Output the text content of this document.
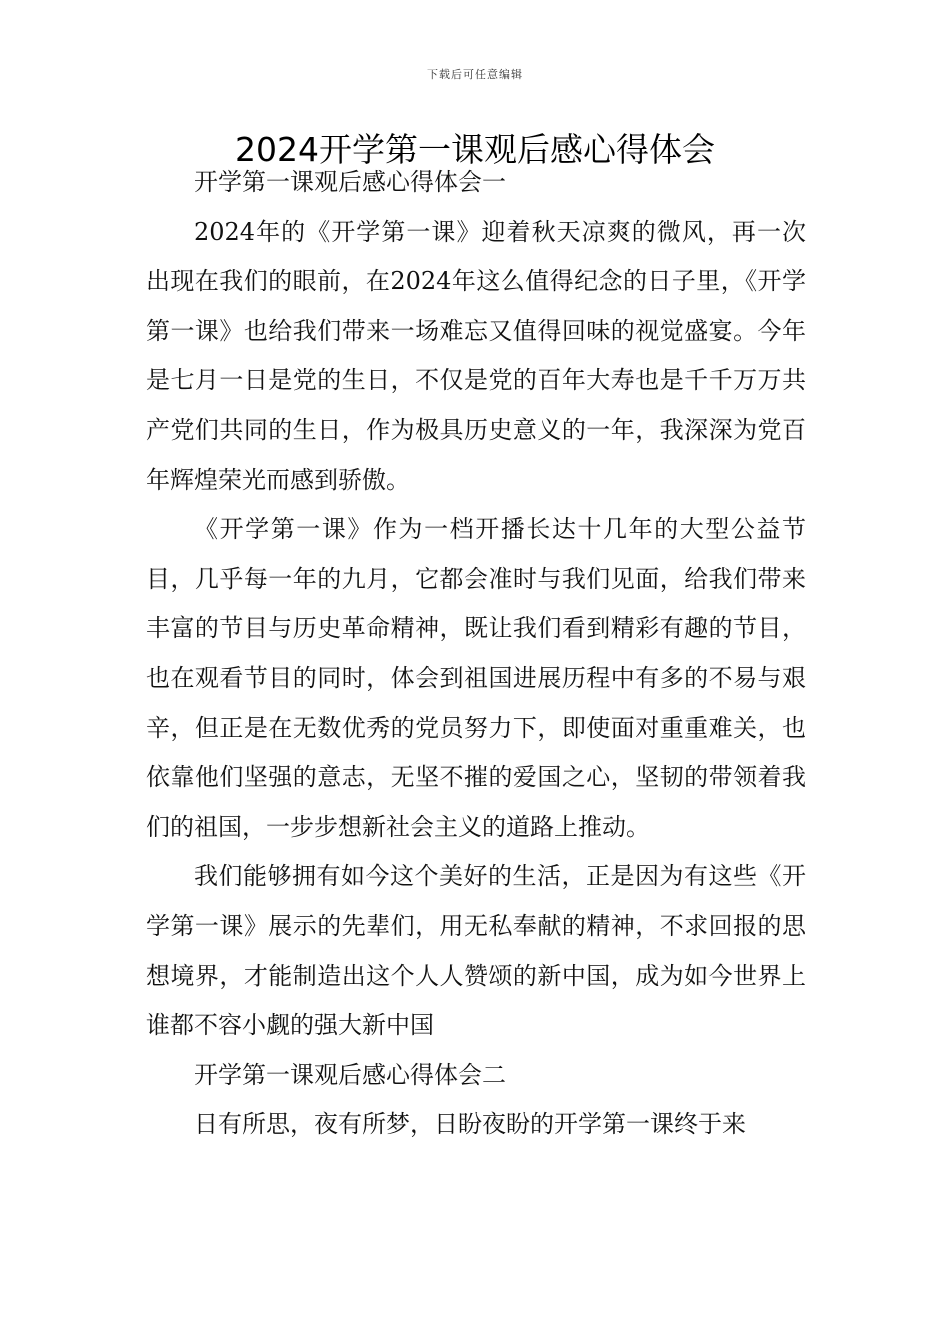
下载后可任意编辑
2024开学第一课观后感心得体会

开学第一课观后感心得体会一

2024年的《开学第一课》迎着秋天凉爽的微风，再一次出现在我们的眼前，在2024年这么值得纪念的日子里，《开学第一课》也给我们带来一场难忘又值得回味的视觉盛宴。今年是七月一日是党的生日，不仅是党的百年大寿也是千千万万共产党们共同的生日，作为极具历史意义的一年，我深深为党百年辉煌荣光而感到骄傲。

《开学第一课》作为一档开播长达十几年的大型公益节目，几乎每一年的九月，它都会准时与我们见面，给我们带来丰富的节目与历史革命精神，既让我们看到精彩有趣的节目，也在观看节目的同时，体会到祖国进展历程中有多的不易与艰辛，但正是在无数优秀的党员努力下，即使面对重重难关，也依靠他们坚强的意志，无坚不摧的爱国之心，坚韧的带领着我们的祖国，一步步想新社会主义的道路上推动。

我们能够拥有如今这个美好的生活，正是因为有这些《开学第一课》展示的先辈们，用无私奉献的精神，不求回报的思想境界，才能制造出这个人人赞颂的新中国，成为如今世界上谁都不容小觑的强大新中国

开学第一课观后感心得体会二

日有所思，夜有所梦，日盼夜盼的开学第一课终于来
